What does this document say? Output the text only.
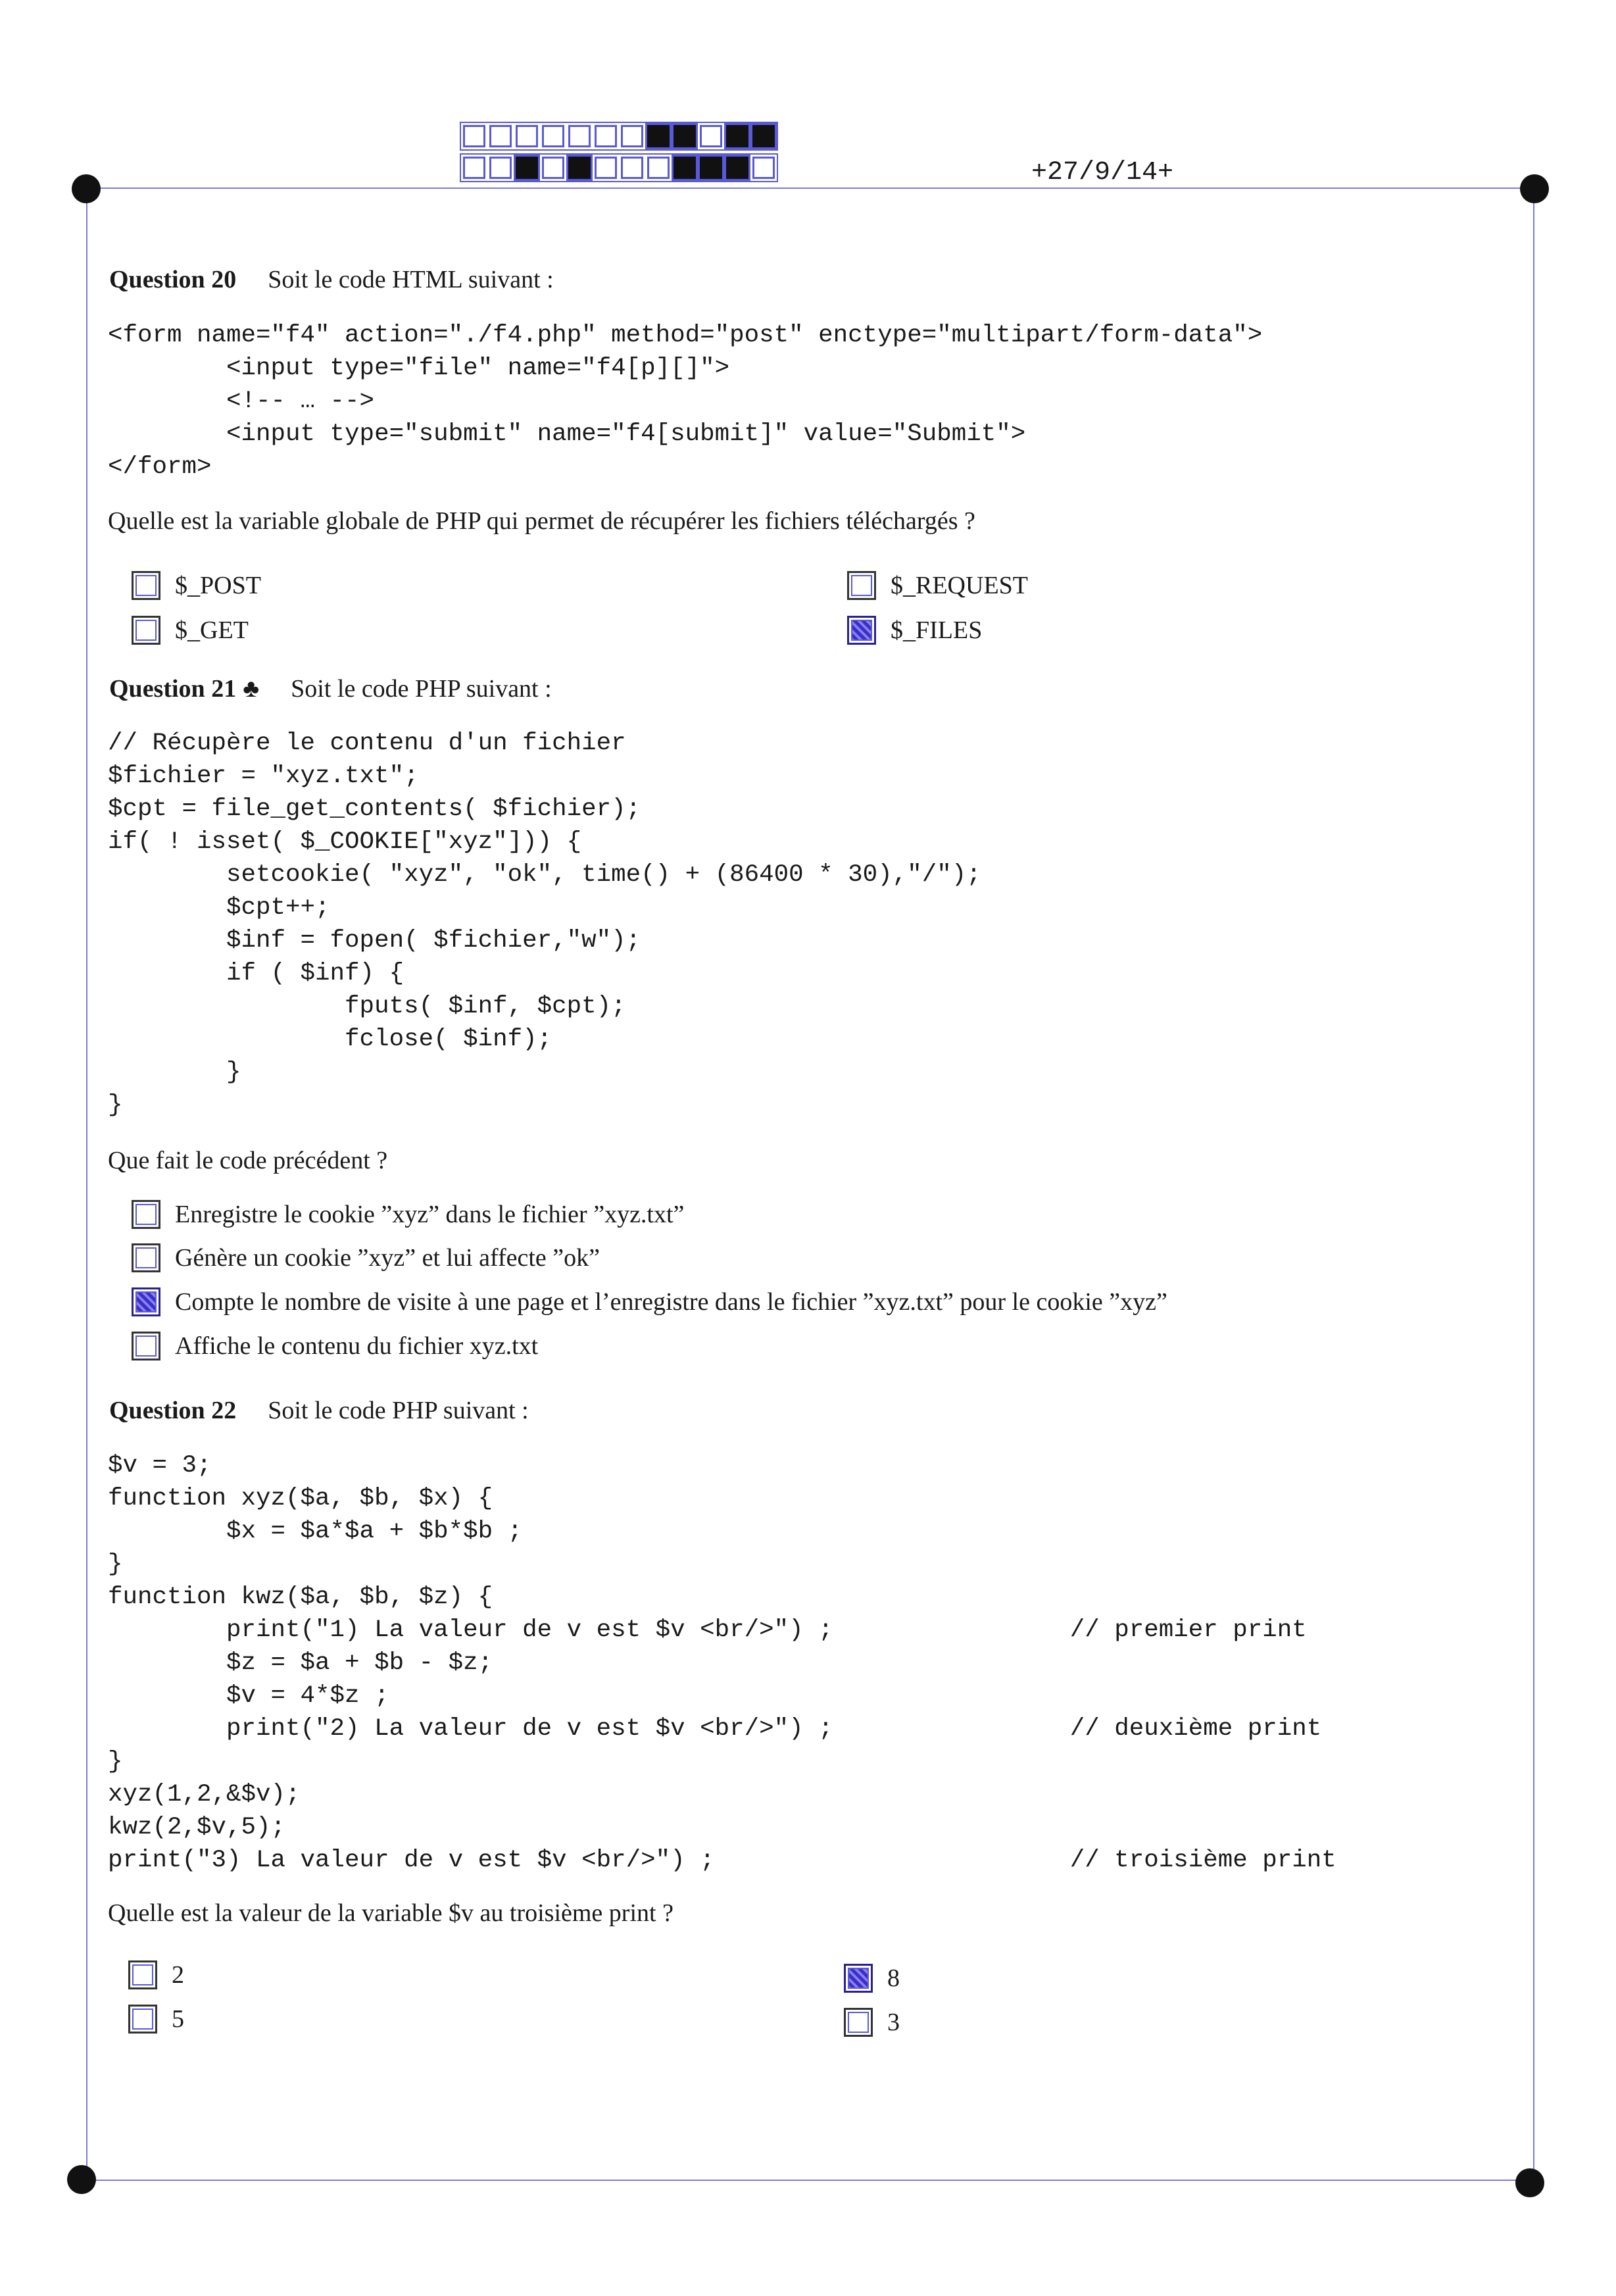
+27/9/14+
Question 20 Soit le code HTML suivant :
<form name="f4" action="./f4.php" method="post" enctype="multipart/form-data">
<input type="file" name="f4[p][]">
<!-- … -->
<input type="submit" name="f4[submit]" value="Submit">
</form>
Quelle est la variable globale de PHP qui permet de récupérer les fichiers téléchargés ?
$_POST
$_GET
$_REQUEST
$_FILES
Question 21 ♣ Soit le code PHP suivant :
// Récupère le contenu d'un fichier
$fichier = "xyz.txt";
$cpt = file_get_contents( $fichier);
if( ! isset( $_COOKIE["xyz"])) {
setcookie( "xyz", "ok", time() + (86400 * 30),"/");
$cpt++;
$inf = fopen( $fichier,"w");
if ( $inf) {
fputs( $inf, $cpt);
fclose( $inf);
}
}
Que fait le code précédent ?
Enregistre le cookie ”xyz” dans le fichier ”xyz.txt”
Génère un cookie ”xyz” et lui affecte ”ok”
Compte le nombre de visite à une page et l’enregistre dans le fichier ”xyz.txt” pour le cookie ”xyz”
Affiche le contenu du fichier xyz.txt
Question 22 Soit le code PHP suivant :
$v = 3;
function xyz($a, $b, $x) {
$x = $a*$a + $b*$b ;
}
function kwz($a, $b, $z) {
print("1) La valeur de v est $v <br/>") ;                // premier print
$z = $a + $b - $z;
$v = 4*$z ;
print("2) La valeur de v est $v <br/>") ;                // deuxième print
}
xyz(1,2,&$v);
kwz(2,$v,5);
print("3) La valeur de v est $v <br/>") ;                        // troisième print
Quelle est la valeur de la variable $v au troisième print ?
2
5
8
3
